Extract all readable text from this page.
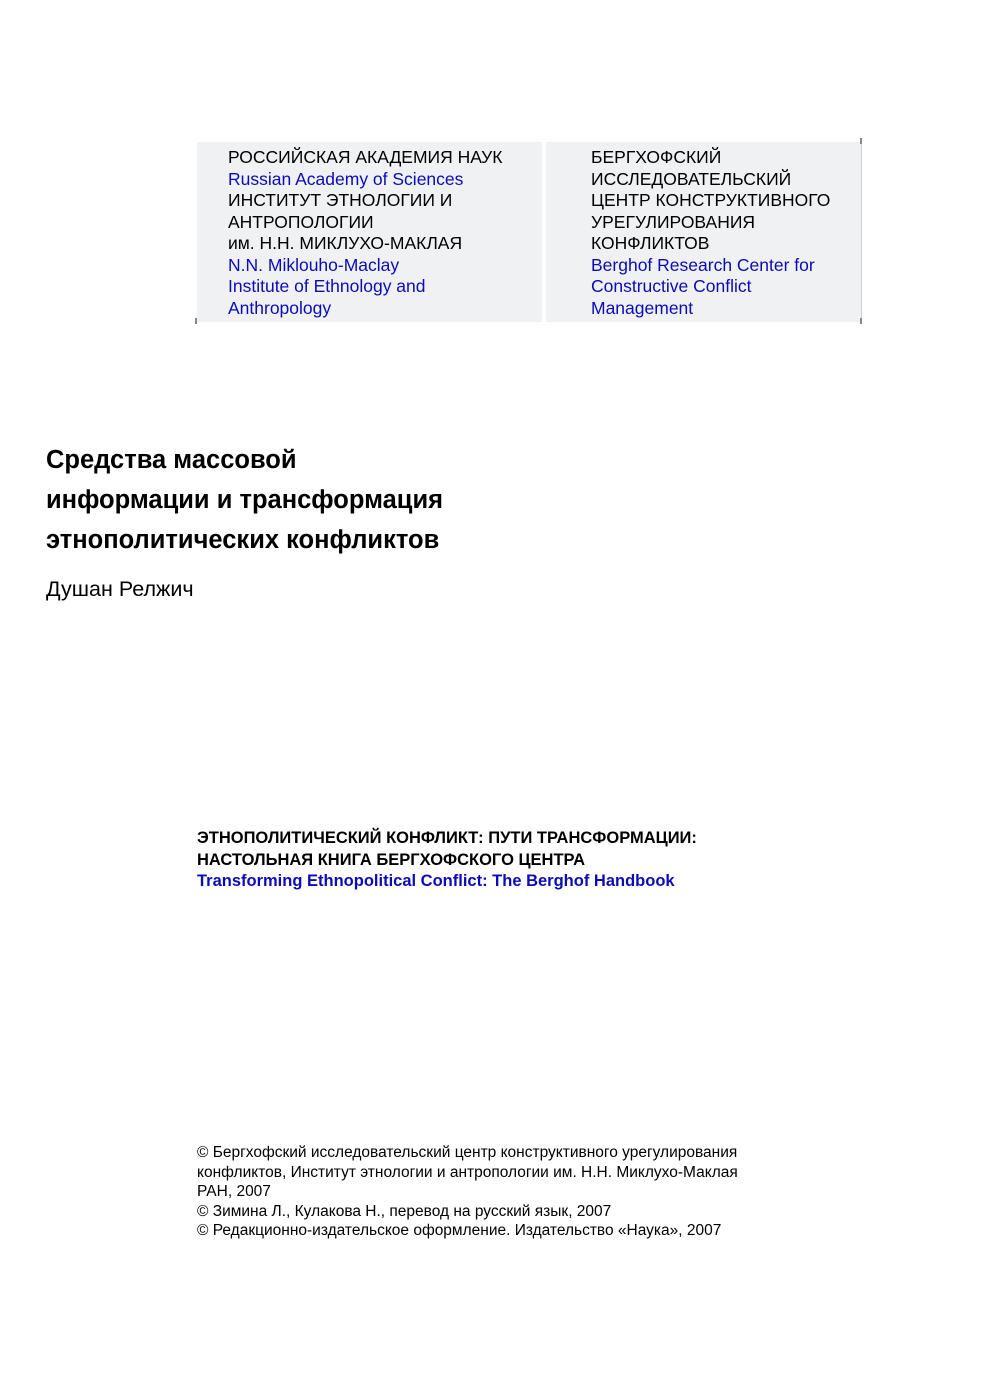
РОССИЙСКАЯ АКАДЕМИЯ НАУК
Russian Academy of Sciences
ИНСТИТУТ ЭТНОЛОГИИ И
АНТРОПОЛОГИИ
им. Н.Н. МИКЛУХО-МАКЛАЯ
N.N. Miklouho-Maclay
Institute of Ethnology and
Anthropology
БЕРГХОФСКИЙ
ИССЛЕДОВАТЕЛЬСКИЙ
ЦЕНТР КОНСТРУКТИВНОГО
УРЕГУЛИРОВАНИЯ
КОНФЛИКТОВ
Berghof Research Center for
Constructive Conflict
Management
Средства массовой
информации и трансформация
этнополитических конфликтов
Душан Релжич
ЭТНОПОЛИТИЧЕСКИЙ КОНФЛИКТ: ПУТИ ТРАНСФОРМАЦИИ:
НАСТОЛЬНАЯ КНИГА БЕРГХОФСКОГО ЦЕНТРА
Transforming Ethnopolitical Conflict: The Berghof Handbook
© Бергхофский исследовательский центр конструктивного урегулирования
конфликтов, Институт этнологии и антропологии им. Н.Н. Миклухо-Маклая
РАН, 2007
© Зимина Л., Кулакова Н., перевод на русский язык, 2007
© Редакционно-издательское оформление. Издательство «Наука», 2007
